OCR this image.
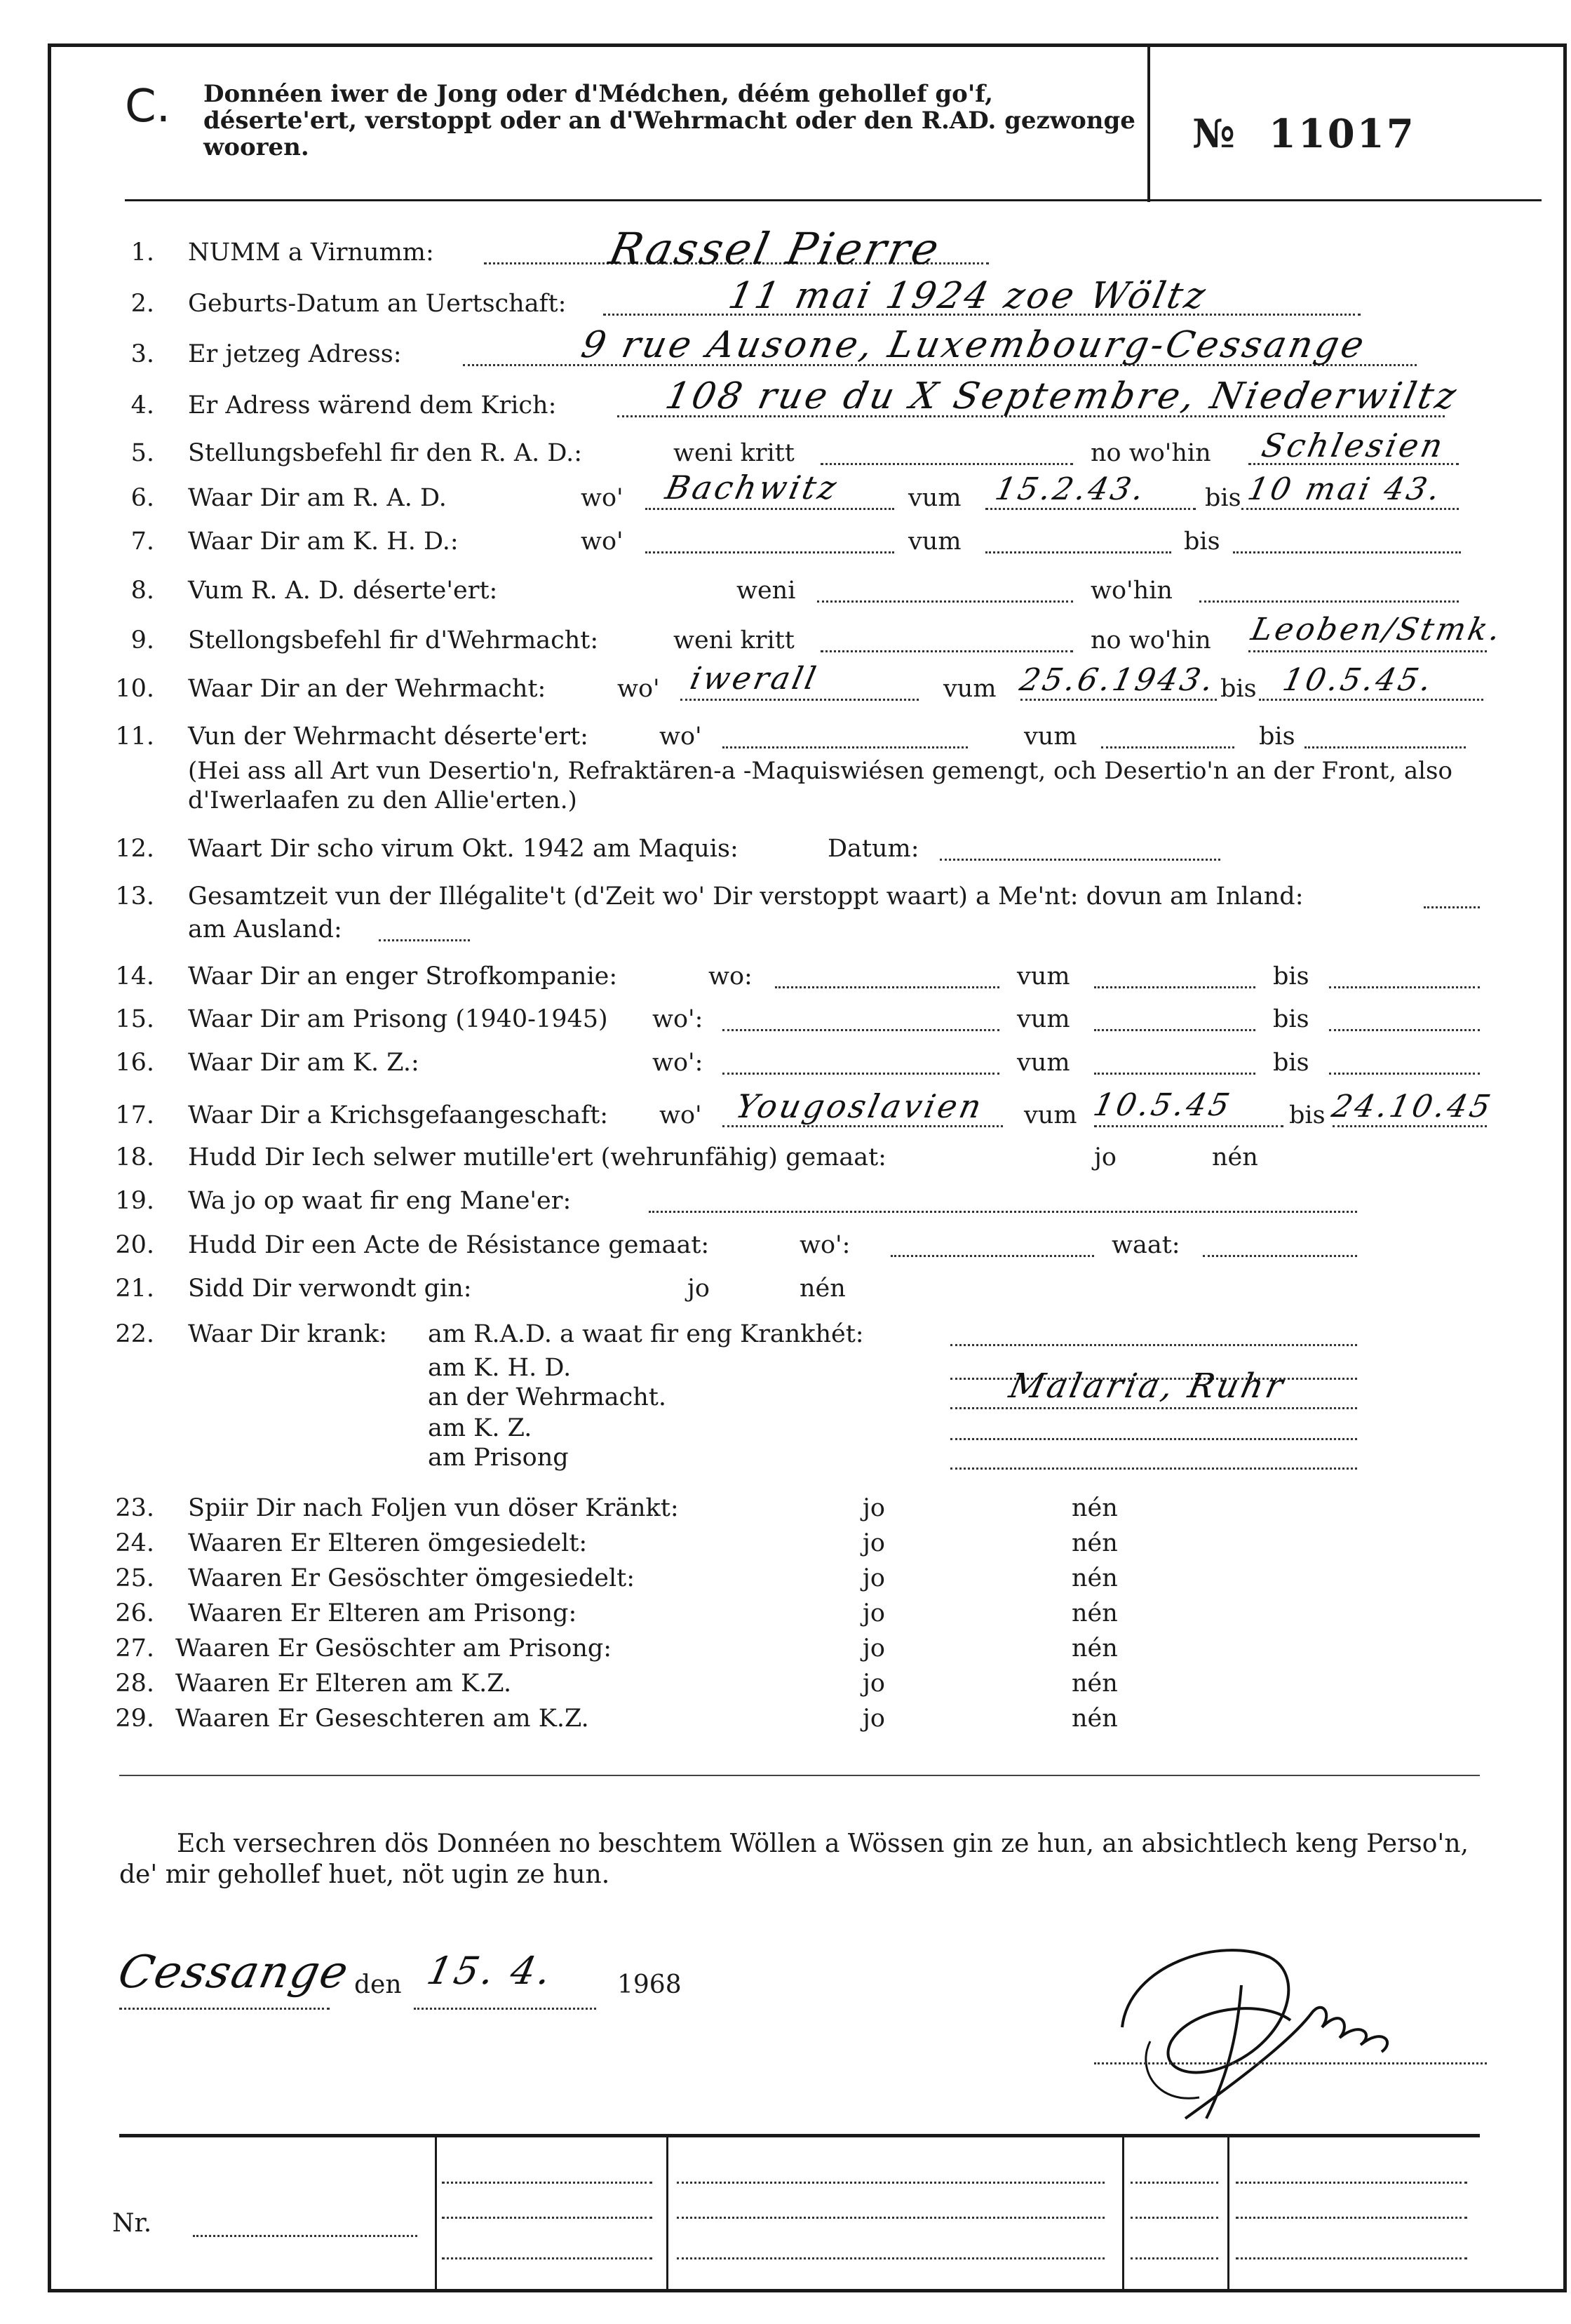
C. Donnéen iwer de Jong oder d'Médchen, déém gehollef go'f, déserte'ert, verstoppt oder an d'Wehrmacht oder den R.AD. gezwonge wooren.	№ 11017
1. NUMM a Virnumm:	Rassel Pierre
2. Geburts-Datum an Uertschaft:	11 mai 1924 zoe Wöltz
3. Er jetzeg Adress:	9 rue Ausone, Luxembourg-Cessange
4. Er Adress wärend dem Krich:	108 rue du X Septembre, Niederwiltz
5. Stellungsbefehl fir den R. A. D.:	weni kritt	no wo'hin Schlesien
6. Waar Dir am R. A. D.	wo'	vum	bis
Bachwitz	15.2.43.	10 mai 43.
7. Waar Dir am K. H. D.:	wo'	vum	bis
8. Vum R. A. D. déserte'ert:	weni	wo'hin
9. Stellongsbefehl fir d'Wehrmacht:	weni kritt	no wo'hin Leoben/Stmk.
10. Waar Dir an der Wehrmacht:	wo'	vum	bis
iwerall	25.6.1943. 10.5.45.
11. Vun der Wehrmacht déserte'ert:	wo'	vum	bis
(Hei ass all Art vun Desertio'n, Refraktären-a -Maquiswiésen gemengt, och Desertio'n an der Front, also d'Iwerlaafen zu den Allie'erten.)
12. Waart Dir scho virum Okt. 1942 am Maquis:	Datum:
13. Gesamtzeit vun der Illégalite't (d'Zeit wo' Dir verstoppt waart) a Me'nt: dovun am Inland:
am Ausland:
14. Waar Dir an enger Strofkompanie:	wo:	vum	bis
15. Waar Dir am Prisong (1940-1945) wo':	vum	bis
16. Waar Dir am K. Z.:	wo':	vum	bis
17. Waar Dir a Krichsgefaangeschaft: wo'	vum	bis
Yougoslavien	10.5.45	24.10.45
18. Hudd Dir Iech selwer mutille'ert (wehrunfähig) gemaat:	jo	nén
19. Wa jo op waat fir eng Mane'er:
20. Hudd Dir een Acte de Résistance gemaat:	wo':	waat:
21. Sidd Dir verwondt gin:	jo	nén
22. Waar Dir krank: am R.A.D. a waat fir eng Krankhét:
am K. H. D.
an der Wehrmacht.	Malaria, Ruhr
am K. Z.
am Prisong
23. Spiir Dir nach Foljen vun döser Kränkt:	jo	nén
24. Waaren Er Elteren ömgesiedelt:	jo	nén
25. Waaren Er Gesöschter ömgesiedelt:	jo	nén
26. Waaren Er Elteren am Prisong:	jo	nén
27. Waaren Er Gesöschter am Prisong:	jo	nén
28. Waaren Er Elteren am K.Z.	jo	nén
29. Waaren Er Geseschteren am K.Z.	jo	nén
Ech versechren dös Donnéen no beschtem Wöllen a Wössen gin ze hun, an absichtlech keng Perso'n, de' mir gehollef huet, nöt ugin ze hun.
Cessange den 15. 4. 1968
Nr.
